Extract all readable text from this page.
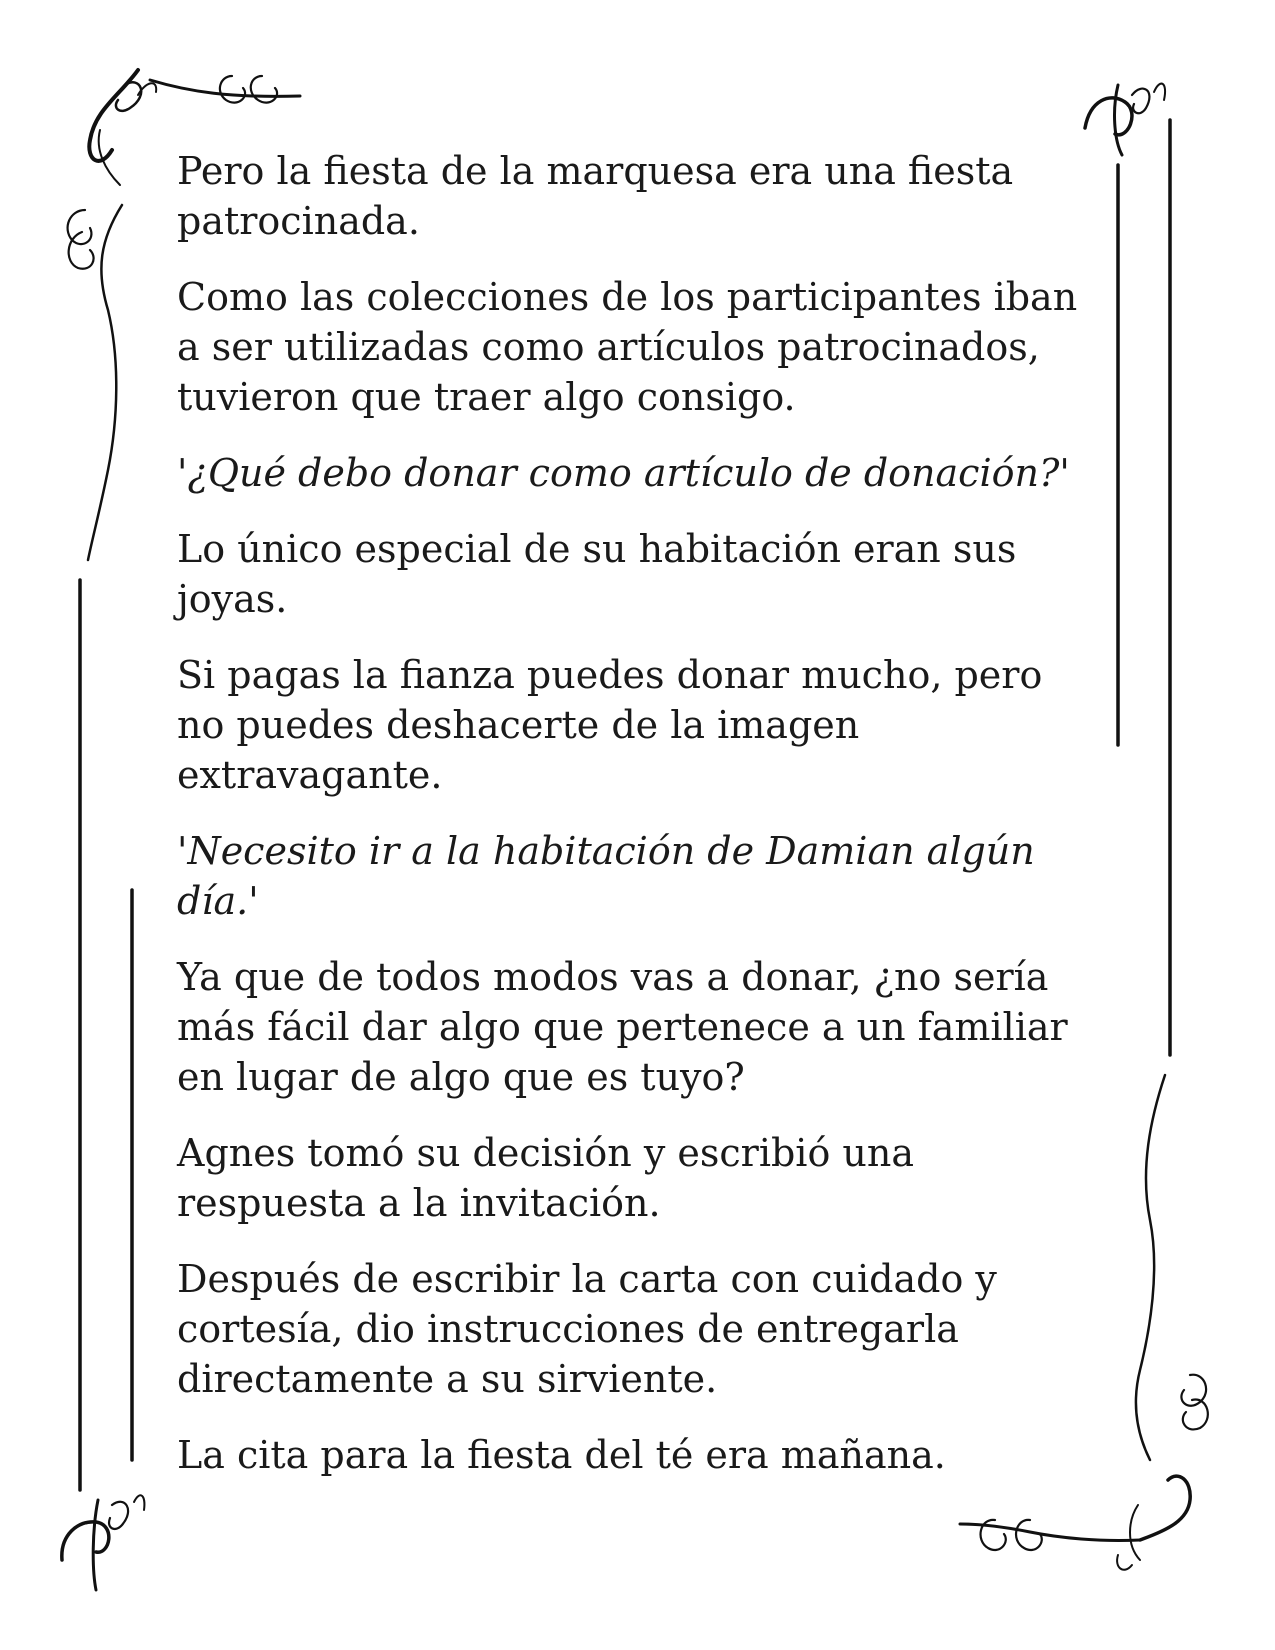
Pero la fiesta de la marquesa era una fiesta patrocinada.

Como las colecciones de los participantes iban a ser utilizadas como artículos patrocinados, tuvieron que traer algo consigo.

'¿Qué debo donar como artículo de donación?'

Lo único especial de su habitación eran sus joyas.

Si pagas la fianza puedes donar mucho, pero no puedes deshacerte de la imagen extravagante.

'Necesito ir a la habitación de Damian algún día.'

Ya que de todos modos vas a donar, ¿no sería más fácil dar algo que pertenece a un familiar en lugar de algo que es tuyo?

Agnes tomó su decisión y escribió una respuesta a la invitación.

Después de escribir la carta con cuidado y cortesía, dio instrucciones de entregarla directamente a su sirviente.

La cita para la fiesta del té era mañana.
